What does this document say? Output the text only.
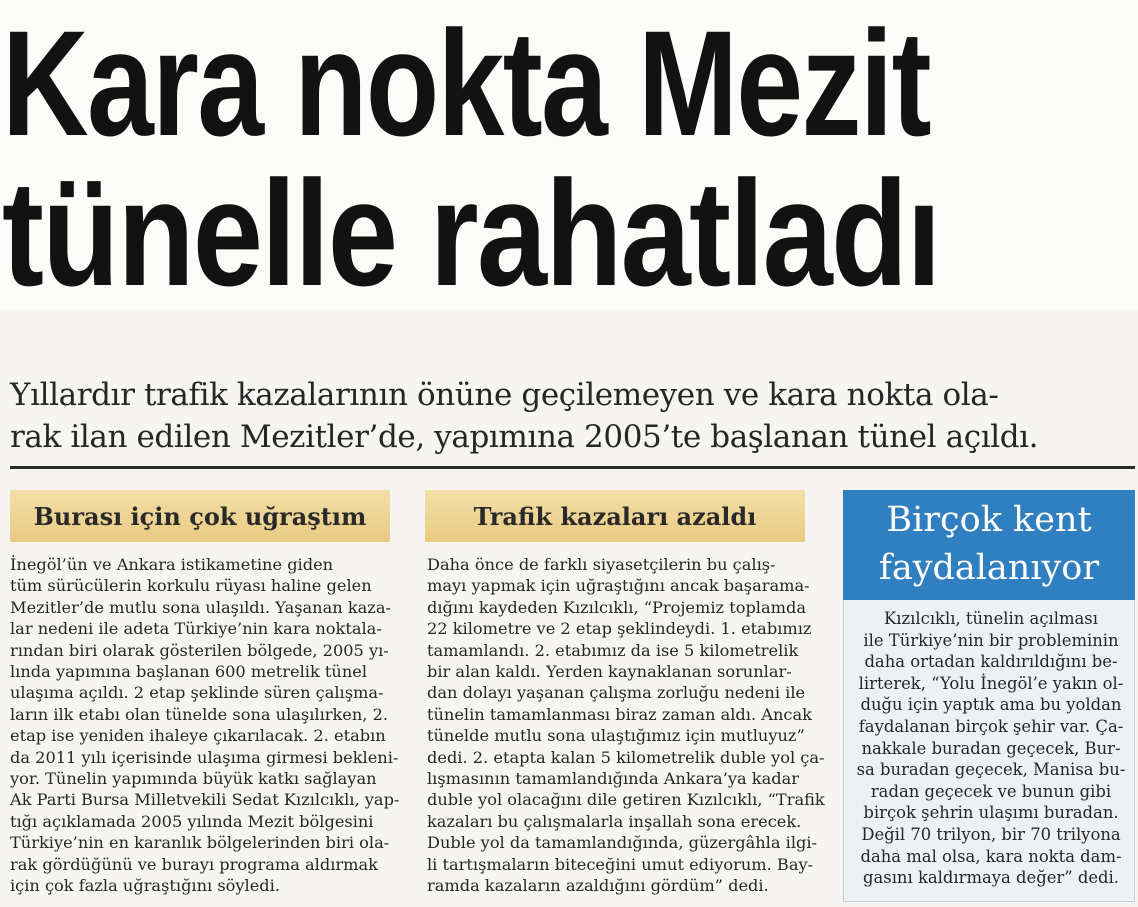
Kara nokta Mezit
tünelle rahatladı
Yıllardır trafik kazalarının önüne geçilemeyen ve kara nokta ola-
rak ilan edilen Mezitler’de, yapımına 2005’te başlanan tünel açıldı.
Burası için çok uğraştım	Trafik kazaları azaldı
İnegöl’ün ve Ankara istikametine giden
tüm sürücülerin korkulu rüyası haline gelen
Mezitler’de mutlu sona ulaşıldı. Yaşanan kaza-
lar nedeni ile adeta Türkiye’nin kara noktala-
rından biri olarak gösterilen bölgede, 2005 yı-
lında yapımına başlanan 600 metrelik tünel
ulaşıma açıldı. 2 etap şeklinde süren çalışma-
ların ilk etabı olan tünelde sona ulaşılırken, 2.
etap ise yeniden ihaleye çıkarılacak. 2. etabın
da 2011 yılı içerisinde ulaşıma girmesi bekleni-
yor. Tünelin yapımında büyük katkı sağlayan
Ak Parti Bursa Milletvekili Sedat Kızılcıklı, yap-
tığı açıklamada 2005 yılında Mezit bölgesini
Türkiye’nin en karanlık bölgelerinden biri ola-
rak gördüğünü ve burayı programa aldırmak
için çok fazla uğraştığını söyledi.
Daha önce de farklı siyasetçilerin bu çalış-
mayı yapmak için uğraştığını ancak başarama-
dığını kaydeden Kızılcıklı, “Projemiz toplamda
22 kilometre ve 2 etap şeklindeydi. 1. etabımız
tamamlandı. 2. etabımız da ise 5 kilometrelik
bir alan kaldı. Yerden kaynaklanan sorunlar-
dan dolayı yaşanan çalışma zorluğu nedeni ile
tünelin tamamlanması biraz zaman aldı. Ancak
tünelde mutlu sona ulaştığımız için mutluyuz”
dedi. 2. etapta kalan 5 kilometrelik duble yol ça-
lışmasının tamamlandığında Ankara’ya kadar
duble yol olacağını dile getiren Kızılcıklı, “Trafik
kazaları bu çalışmalarla inşallah sona erecek.
Duble yol da tamamlandığında, güzergâhla ilgi-
li tartışmaların biteceğini umut ediyorum. Bay-
ramda kazaların azaldığını gördüm” dedi.
Birçok kent
faydalanıyor
Kızılcıklı, tünelin açılması
ile Türkiye’nin bir probleminin
daha ortadan kaldırıldığını be-
lirterek, “Yolu İnegöl’e yakın ol-
duğu için yaptık ama bu yoldan
faydalanan birçok şehir var. Ça-
nakkale buradan geçecek, Bur-
sa buradan geçecek, Manisa bu-
radan geçecek ve bunun gibi
birçok şehrin ulaşımı buradan.
Değil 70 trilyon, bir 70 trilyona
daha mal olsa, kara nokta dam-
gasını kaldırmaya değer” dedi.
